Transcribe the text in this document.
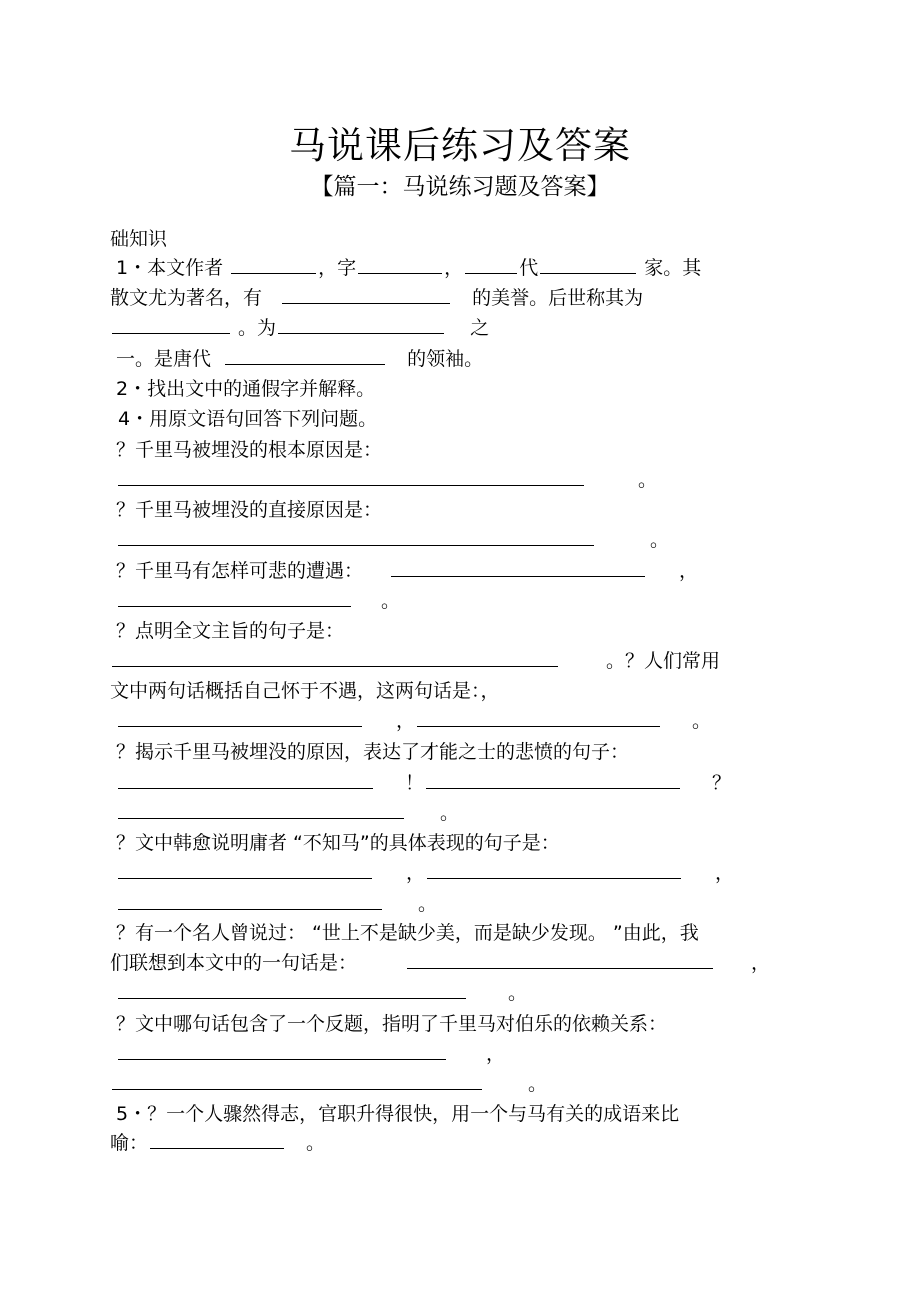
马说课后练习及答案
【篇一：马说练习题及答案】
础知识
1・本文作者	，字	，	代	家。其
散文尤为著名，有	的美誉。后世称其为
。为	之
一。是唐代	的领袖。
2・找出文中的通假字并解释。
4・用原文语句回答下列问题。
？千里马被埋没的根本原因是：
。
？千里马被埋没的直接原因是：
。
？千里马有怎样可悲的遭遇：	，
。
？点明全文主旨的句子是：
。？人们常用
文中两句话概括自己怀于不遇，这两句话是：，
，	。
？揭示千里马被埋没的原因，表达了才能之士的悲愤的句子：
！	？
。
？文中韩愈说明庸者 “不知马”的具体表现的句子是：
，	，
。
？有一个名人曾说过： “世上不是缺少美，而是缺少发现。 ”由此，我
们联想到本文中的一句话是：	，
。
？文中哪句话包含了一个反题，指明了千里马对伯乐的依赖关系：
，
。
5・？一个人骤然得志，官职升得很快，用一个与马有关的成语来比
喻：	。
